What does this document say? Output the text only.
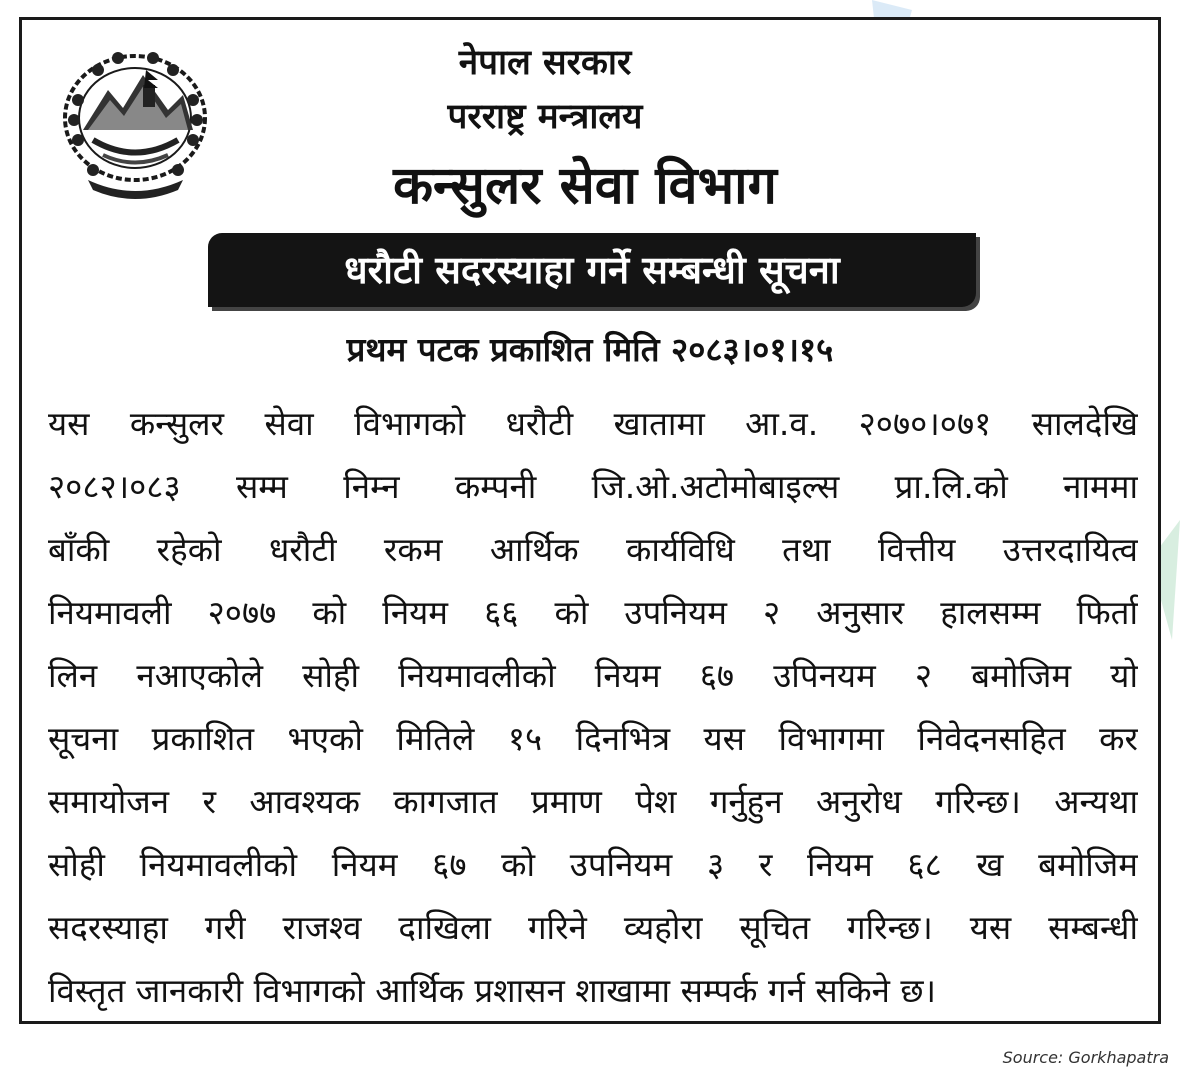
नेपाल सरकार
परराष्ट्र मन्त्रालय
कन्सुलर सेवा विभाग
धरौटी सदरस्याहा गर्ने सम्बन्धी सूचना
प्रथम पटक प्रकाशित मिति २०८३।०१।१५
यस कन्सुलर सेवा विभागको धरौटी खातामा आ.व. २०७०।०७१ सालदेखि
२०८२।०८३ सम्म निम्न कम्पनी जि.ओ.अटोमोबाइल्स प्रा.लि.को नाममा
बाँकी रहेको धरौटी रकम आर्थिक कार्यविधि तथा वित्तीय उत्तरदायित्व
नियमावली २०७७ को नियम ६६ को उपनियम २ अनुसार हालसम्म फिर्ता
लिन नआएकोले सोही नियमावलीको नियम ६७ उपिनयम २ बमोजिम यो
सूचना प्रकाशित भएको मितिले १५ दिनभित्र यस विभागमा निवेदनसहित कर
समायोजन र आवश्यक कागजात प्रमाण पेश गर्नुहुन अनुरोध गरिन्छ। अन्यथा
सोही नियमावलीको नियम ६७ को उपनियम ३ र नियम ६८ ख बमोजिम
सदरस्याहा गरी राजश्व दाखिला गरिने व्यहोरा सूचित गरिन्छ। यस सम्बन्धी
विस्तृत जानकारी विभागको आर्थिक प्रशासन शाखामा सम्पर्क गर्न सकिने छ।
Source: Gorkhapatra
